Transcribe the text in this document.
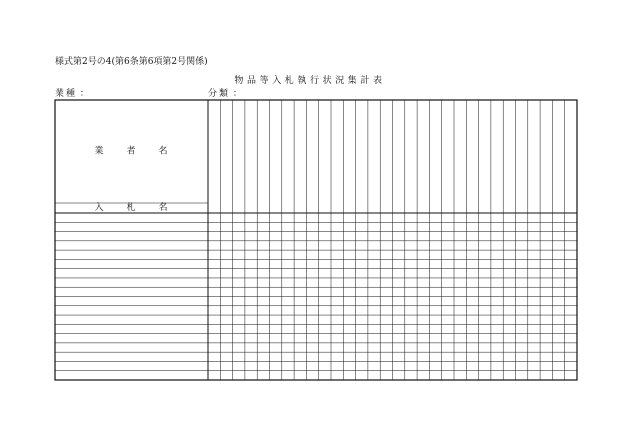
様式第2号の4(第6条第6項第2号関係)
物品等入札執行状況集計表
業種 ：	分類 ：
業	者	名
入	札	名
